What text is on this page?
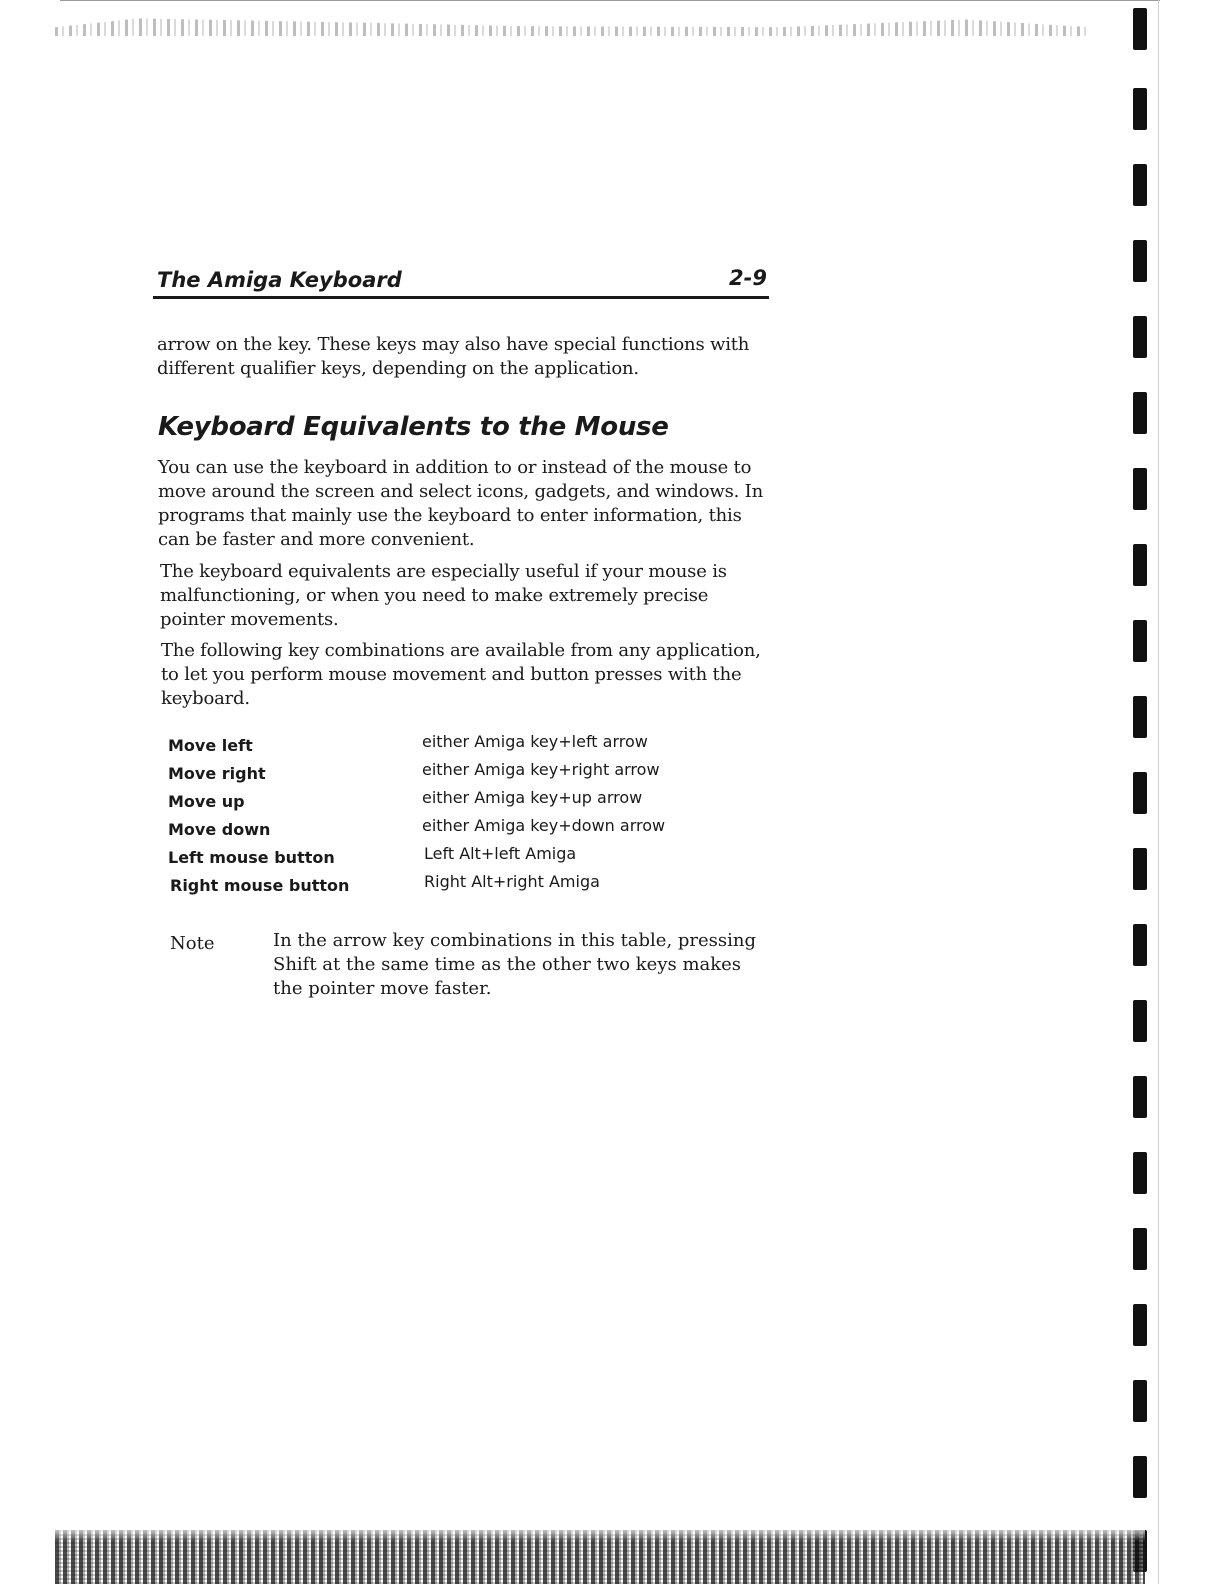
The Amiga Keyboard	2-9

arrow on the key. These keys may also have special functions with different qualifier keys, depending on the application.

Keyboard Equivalents to the Mouse

You can use the keyboard in addition to or instead of the mouse to move around the screen and select icons, gadgets, and windows. In programs that mainly use the keyboard to enter information, this can be faster and more convenient.

The keyboard equivalents are especially useful if your mouse is malfunctioning, or when you need to make extremely precise pointer movements.

The following key combinations are available from any application, to let you perform mouse movement and button presses with the keyboard.

Move left	either Amiga key+left arrow
Move right	either Amiga key+right arrow
Move up	either Amiga key+up arrow
Move down	either Amiga key+down arrow
Left mouse button	Left Alt+left Amiga
Right mouse button	Right Alt+right Amiga
Note	In the arrow key combinations in this table, pressing Shift at the same time as the other two keys makes the pointer move faster.
